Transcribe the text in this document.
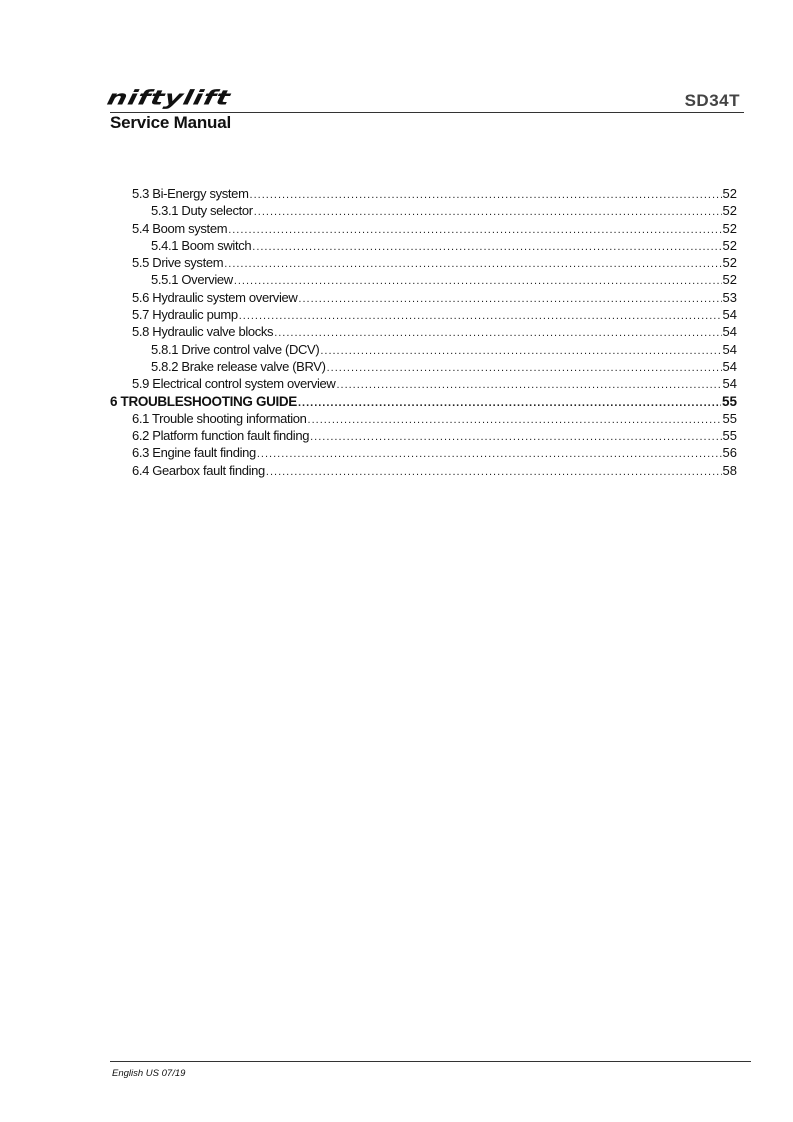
niftylift	SD34T
Service Manual
5.3 Bi-Energy system .....	52
5.3.1 Duty selector .....	52
5.4 Boom system .....	52
5.4.1 Boom switch .....	52
5.5 Drive system .....	52
5.5.1 Overview .....	52
5.6 Hydraulic system overview .....	53
5.7 Hydraulic pump .....	54
5.8 Hydraulic valve blocks .....	54
5.8.1 Drive control valve (DCV) .....	54
5.8.2 Brake release valve (BRV) .....	54
5.9 Electrical control system overview .....	54
6 TROUBLESHOOTING GUIDE .....	55
6.1 Trouble shooting information .....	55
6.2 Platform function fault finding .....	55
6.3 Engine fault finding .....	56
6.4 Gearbox fault finding .....	58
English US 07/19
